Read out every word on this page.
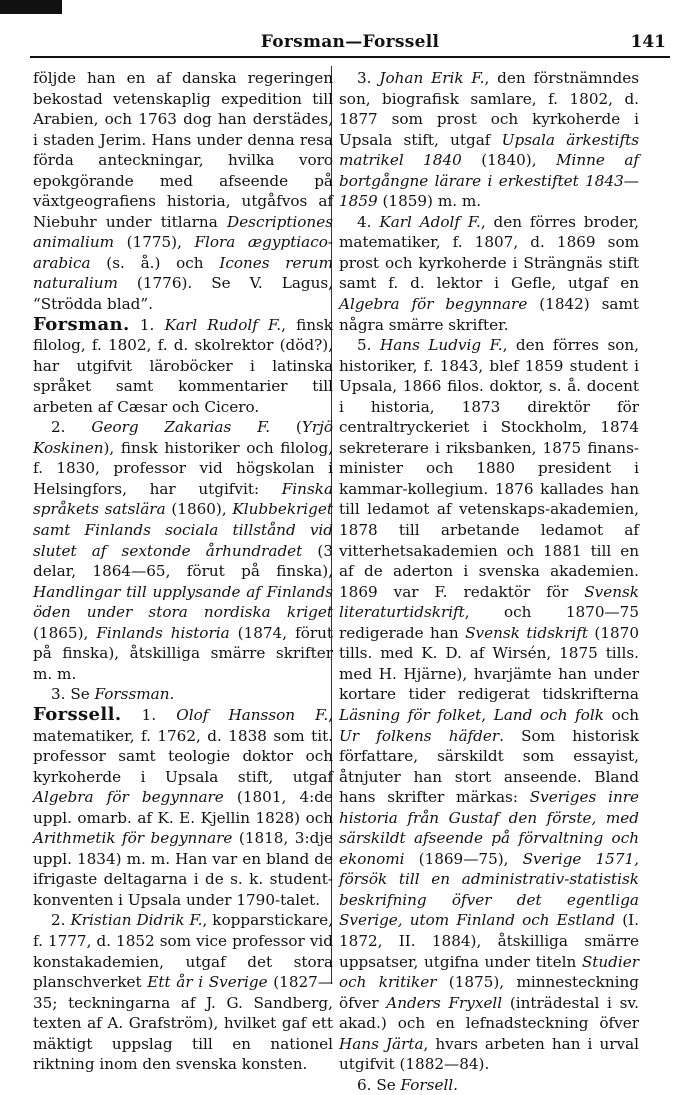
Forsman—Forssell	141

följde han en af danska regeringen bekostad vetenskaplig expedition till Arabien, och 1763 dog han derstädes, i staden Jerim. Hans under denna resa förda anteckningar, hvilka voro epokgörande med afseende på växtgeografiens historia, utgåfvos af Niebuhr under titlarna Descriptiones animalium (1775), Flora ægyptiaco-arabica (s. å.) och Icones rerum naturalium (1776). Se V. Lagus, “Strödda blad”.

Forsman. 1. Karl Rudolf F., finsk filolog, f. 1802, f. d. skolrektor (död?), har utgifvit läroböcker i latinska språket samt kommentarier till arbeten af Cæsar och Cicero.

2. Georg Zakarias F. (Yrjö Koskinen), finsk historiker och filolog, f. 1830, professor vid högskolan i Helsingfors, har utgifvit: Finska språkets satslära (1860), Klubbekriget samt Finlands sociala tillstånd vid slutet af sextonde århundradet (3 delar, 1864—65, förut på finska), Handlingar till upplysande af Finlands öden under stora nordiska kriget (1865), Finlands historia (1874, förut på finska), åtskilliga smärre skrifter m. m.

3. Se Forssman.

Forssell. 1. Olof Hansson F., matematiker, f. 1762, d. 1838 som tit. professor samt teologie doktor och kyrkoherde i Upsala stift, utgaf Algebra för begynnare (1801, 4:de uppl. omarb. af K. E. Kjellin 1828) och Arithmetik för begynnare (1818, 3:dje uppl. 1834) m. m. Han var en bland de ifrigaste deltagarna i de s. k. student-konventen i Upsala under 1790-talet.

2. Kristian Didrik F., kopparstickare, f. 1777, d. 1852 som vice professor vid konstakademien, utgaf det stora planschverket Ett år i Sverige (1827—35; teckningarna af J. G. Sandberg, texten af A. Grafström), hvilket gaf ett mäktigt uppslag till en nationel riktning inom den svenska konsten.

3. Johan Erik F., den förstnämndes son, biografisk samlare, f. 1802, d. 1877 som prost och kyrkoherde i Upsala stift, utgaf Upsala ärkestifts matrikel 1840 (1840), Minne af bortgångne lärare i erkestiftet 1843—1859 (1859) m. m.

4. Karl Adolf F., den förres broder, matematiker, f. 1807, d. 1869 som prost och kyrkoherde i Strängnäs stift samt f. d. lektor i Gefle, utgaf en Algebra för begynnare (1842) samt några smärre skrifter.

5. Hans Ludvig F., den förres son, historiker, f. 1843, blef 1859 student i Upsala, 1866 filos. doktor, s. å. docent i historia, 1873 direktör för centraltryckeriet i Stockholm, 1874 sekreterare i riksbanken, 1875 finans-minister och 1880 president i kammar-kollegium. 1876 kallades han till ledamot af vetenskaps-akademien, 1878 till arbetande ledamot af vitterhetsakademien och 1881 till en af de aderton i svenska akademien. 1869 var F. redaktör för Svensk literaturtidskrift, och 1870—75 redigerade han Svensk tidskrift (1870 tills. med K. D. af Wirsén, 1875 tills. med H. Hjärne), hvarjämte han under kortare tider redigerat tidskrifterna Läsning för folket, Land och folk och Ur folkens häfder. Som historisk författare, särskildt som essayist, åtnjuter han stort anseende. Bland hans skrifter märkas: Sveriges inre historia från Gustaf den förste, med särskildt afseende på förvaltning och ekonomi (1869—75), Sverige 1571, försök till en administrativ-statistisk beskrifning öfver det egentliga Sverige, utom Finland och Estland (I. 1872, II. 1884), åtskilliga smärre uppsatser, utgifna under titeln Studier och kritiker (1875), minnesteckning öfver Anders Fryxell (inträdestal i sv. akad.) och en lefnadsteckning öfver Hans Järta, hvars arbeten han i urval utgifvit (1882—84).

6. Se Forsell.
